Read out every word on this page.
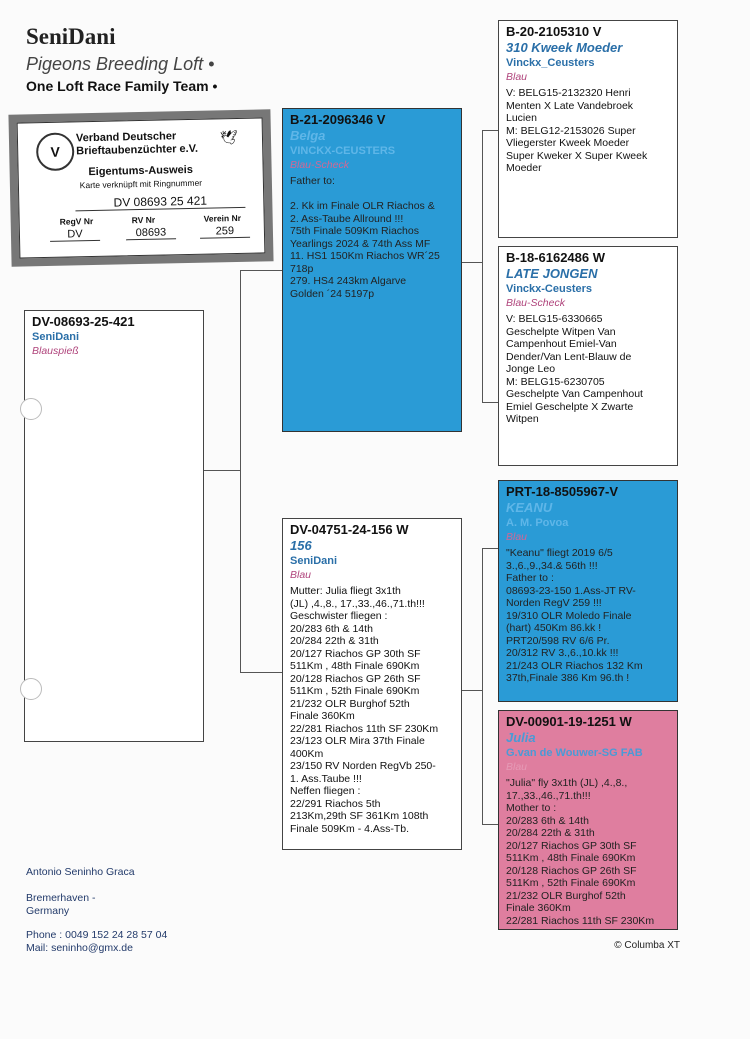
SeniDani
Pigeons Breeding Loft •
One Loft Race Family Team •
V
🕊
Verband Deutscher
Brieftaubenzüchter e.V.
Eigentums-Ausweis
Karte verknüpft mit Ringnummer
DV 08693 25 421
RegV Nr	RV Nr	Verein Nr
DV	08693	259
DV-08693-25-421
SeniDani
Blauspieß
B-21-2096346 V
Belga
VINCKX-CEUSTERS
Blau-Scheck
Father to:

2. Kk im Finale OLR Riachos &
2. Ass-Taube Allround !!!
75th Finale 509Km Riachos
Yearlings 2024 & 74th Ass MF
11. HS1 150Km Riachos WR´25
718p
279. HS4 243km Algarve
Golden ´24 5197p
DV-04751-24-156 W
156
SeniDani
Blau
Mutter: Julia fliegt 3x1th
(JL) ,4.,8., 17.,33.,46.,71.th!!!
Geschwister fliegen :
20/283 6th & 14th
20/284 22th & 31th
20/127 Riachos GP 30th SF
511Km , 48th Finale 690Km
20/128 Riachos GP 26th SF
511Km , 52th Finale 690Km
21/232 OLR Burghof 52th
Finale 360Km
22/281 Riachos 11th SF 230Km
23/123 OLR Mira 37th Finale
400Km
23/150 RV Norden RegVb 250-
1. Ass.Taube !!!
Neffen fliegen :
22/291 Riachos 5th
213Km,29th SF 361Km 108th
Finale 509Km - 4.Ass-Tb.
B-20-2105310 V
310 Kweek Moeder
Vinckx_Ceusters
Blau
V: BELG15-2132320 Henri
Menten X Late Vandebroek
Lucien
M: BELG12-2153026 Super
Vliegerster Kweek Moeder
Super Kweker X Super Kweek
Moeder
B-18-6162486 W
LATE JONGEN
Vinckx-Ceusters
Blau-Scheck
V: BELG15-6330665
Geschelpte Witpen Van
Campenhout Emiel-Van
Dender/Van Lent-Blauw de
Jonge Leo
M: BELG15-6230705
Geschelpte Van Campenhout
Emiel Geschelpte X Zwarte
Witpen
PRT-18-8505967-V
KEANU
A. M. Povoa
Blau
"Keanu" fliegt 2019 6/5
3.,6.,9.,34.& 56th !!!
Father to :
08693-23-150 1.Ass-JT RV-
Norden RegV 259 !!!
19/310 OLR Moledo Finale
(hart) 450Km 86.kk !
PRT20/598 RV 6/6 Pr.
20/312 RV 3.,6.,10.kk !!!
21/243 OLR Riachos 132 Km
37th,Finale 386 Km 96.th !
DV-00901-19-1251 W
Julia
G.van de Wouwer-SG FAB
Blau
"Julia" fly 3x1th (JL) ,4.,8.,
17.,33.,46.,71.th!!!
Mother to :
20/283 6th & 14th
20/284 22th & 31th
20/127 Riachos GP 30th SF
511Km , 48th Finale 690Km
20/128 Riachos GP 26th SF
511Km , 52th Finale 690Km
21/232 OLR Burghof 52th
Finale 360Km
22/281 Riachos 11th SF 230Km
Antonio Seninho Graca
Bremerhaven -
Germany
Phone : 0049 152 24 28 57 04
Mail: seninho@gmx.de	© Columba XT
